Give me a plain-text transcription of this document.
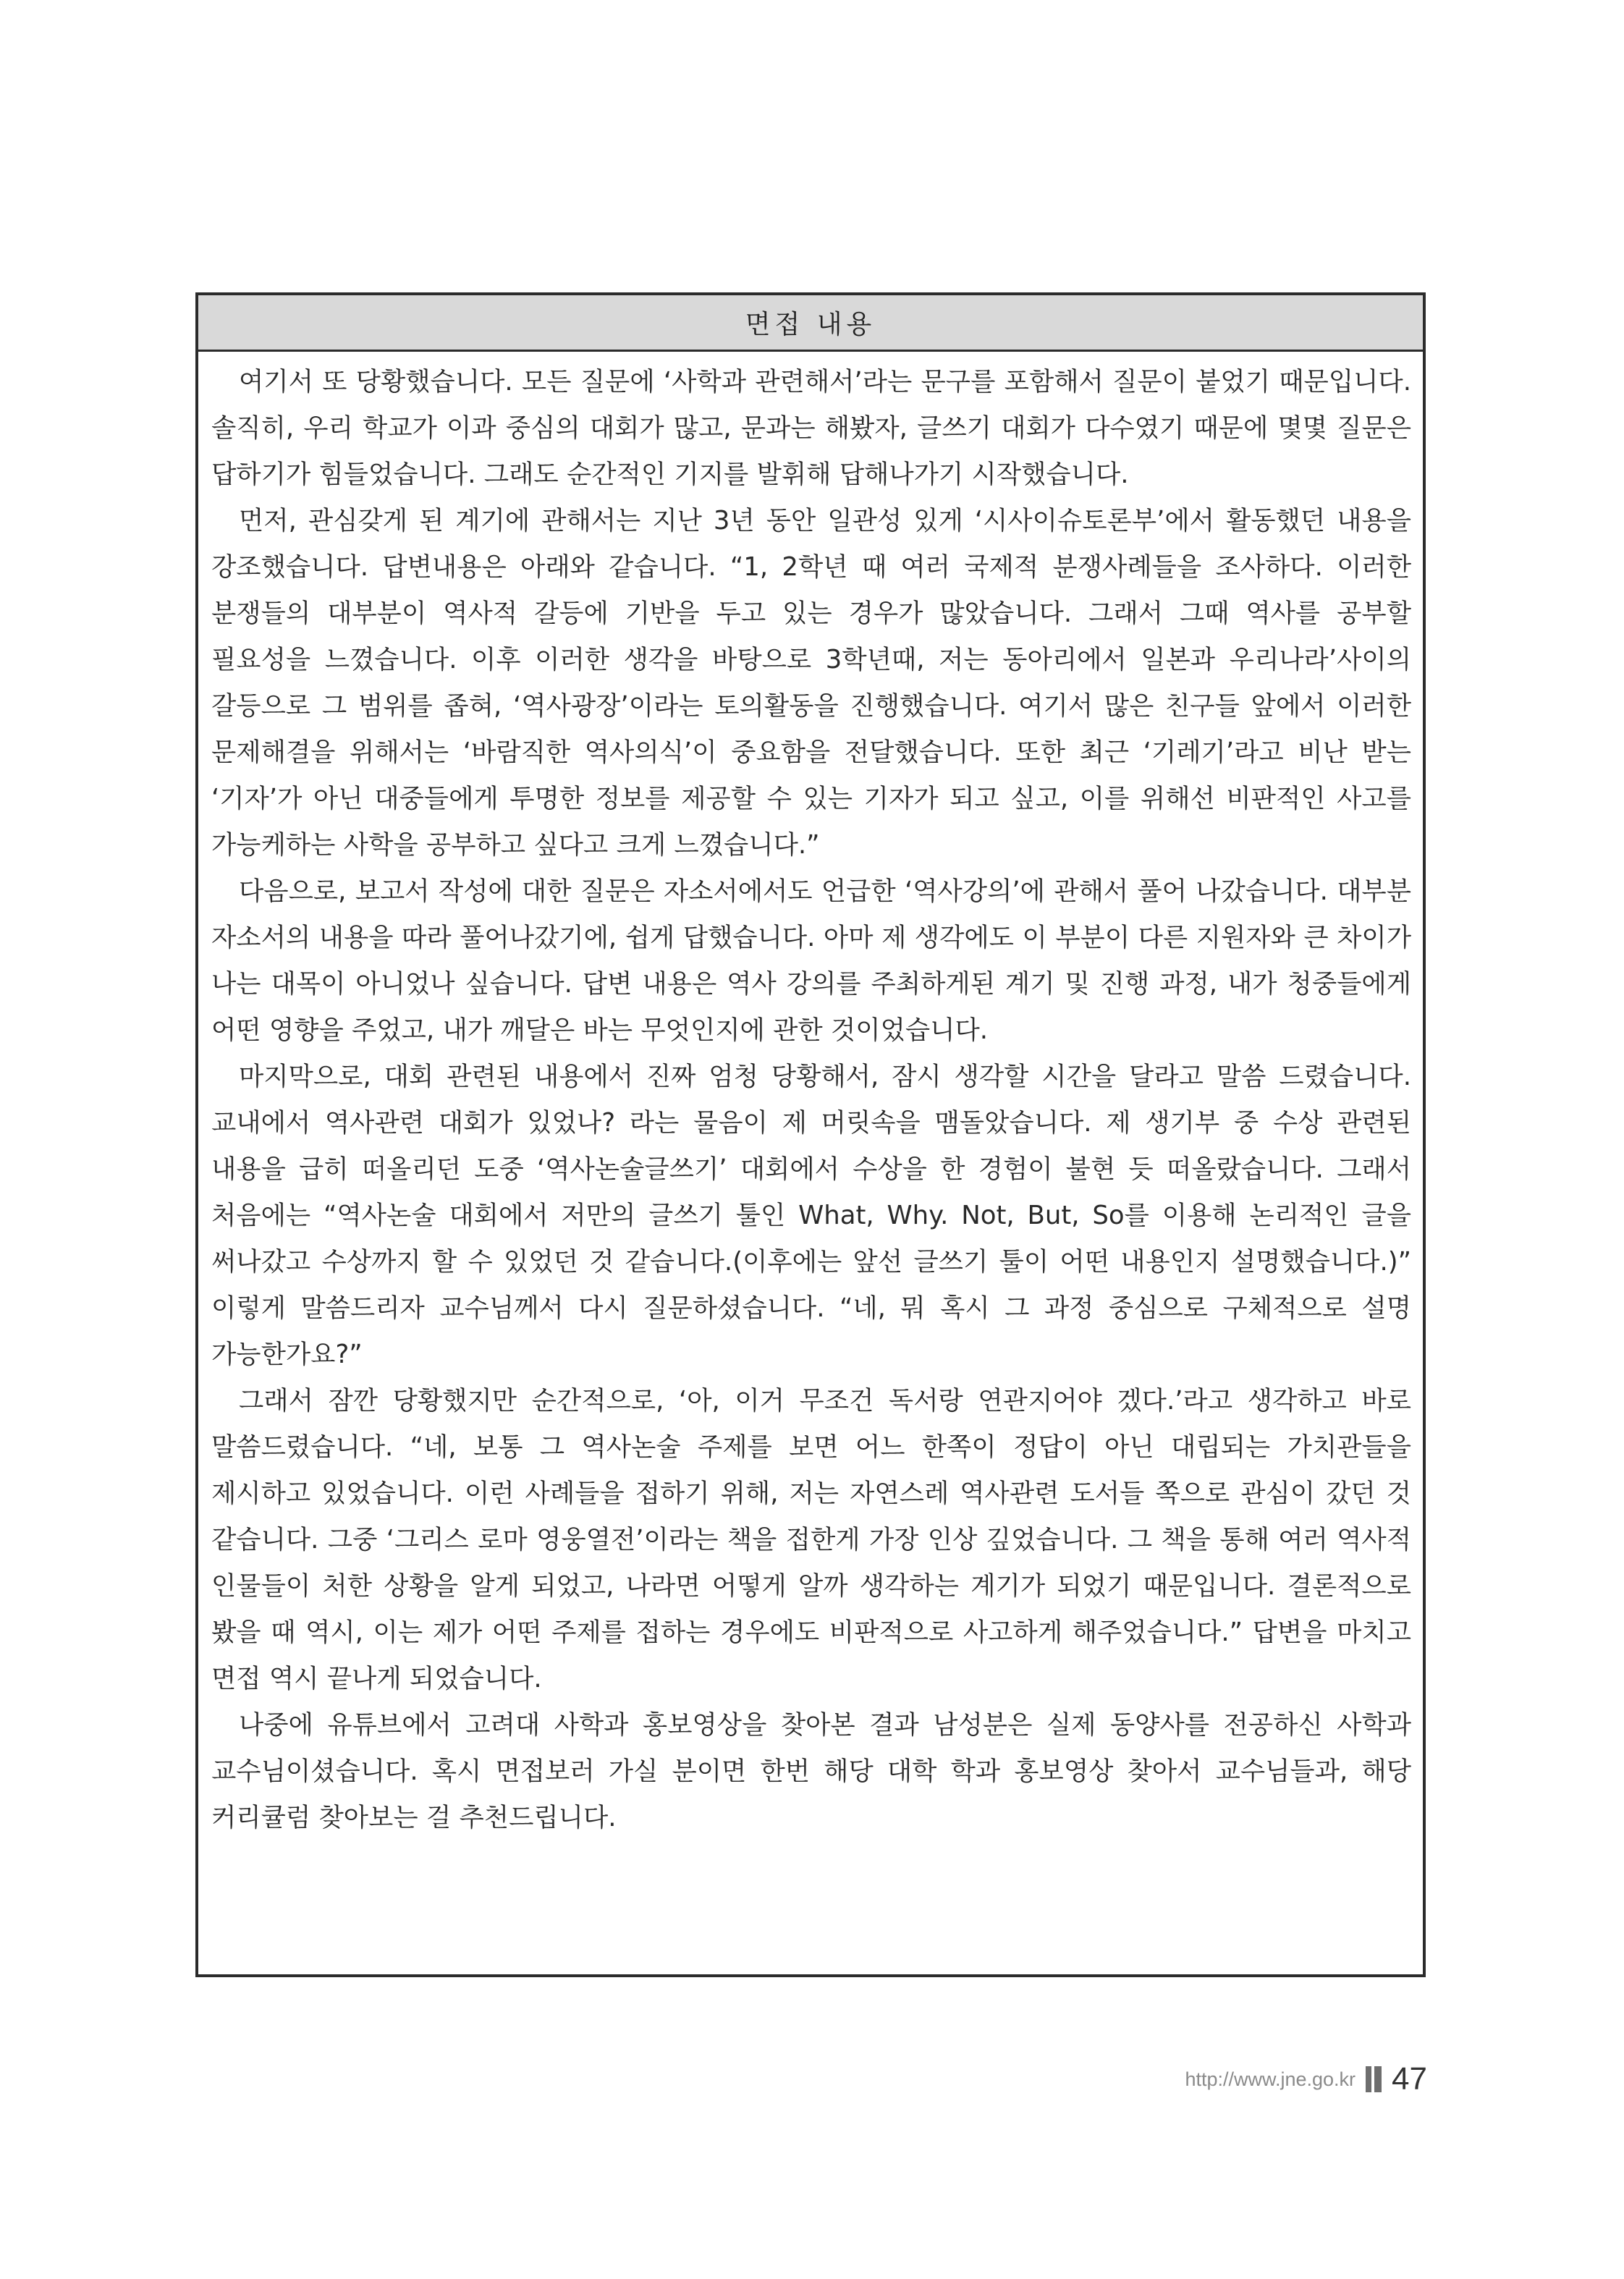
면접 내용

여기서 또 당황했습니다. 모든 질문에 ‘사학과 관련해서’라는 문구를 포함해서 질문이 붙었기 때문입니다. 솔직히, 우리 학교가 이과 중심의 대회가 많고, 문과는 해봤자, 글쓰기 대회가 다수였기 때문에 몇몇 질문은 답하기가 힘들었습니다. 그래도 순간적인 기지를 발휘해 답해나가기 시작했습니다.

먼저, 관심갖게 된 계기에 관해서는 지난 3년 동안 일관성 있게 ‘시사이슈토론부’에서 활동했던 내용을 강조했습니다. 답변내용은 아래와 같습니다. “1, 2학년 때 여러 국제적 분쟁사례들을 조사하다. 이러한 분쟁들의 대부분이 역사적 갈등에 기반을 두고 있는 경우가 많았습니다. 그래서 그때 역사를 공부할 필요성을 느꼈습니다. 이후 이러한 생각을 바탕으로 3학년때, 저는 동아리에서 일본과 우리나라’사이의 갈등으로 그 범위를 좁혀, ‘역사광장’이라는 토의활동을 진행했습니다. 여기서 많은 친구들 앞에서 이러한 문제해결을 위해서는 ‘바람직한 역사의식’이 중요함을 전달했습니다. 또한 최근 ‘기레기’라고 비난 받는 ‘기자’가 아닌 대중들에게 투명한 정보를 제공할 수 있는 기자가 되고 싶고, 이를 위해선 비판적인 사고를 가능케하는 사학을 공부하고 싶다고 크게 느꼈습니다.”

다음으로, 보고서 작성에 대한 질문은 자소서에서도 언급한 ‘역사강의’에 관해서 풀어 나갔습니다. 대부분 자소서의 내용을 따라 풀어나갔기에, 쉽게 답했습니다. 아마 제 생각에도 이 부분이 다른 지원자와 큰 차이가 나는 대목이 아니었나 싶습니다. 답변 내용은 역사 강의를 주최하게된 계기 및 진행 과정, 내가 청중들에게 어떤 영향을 주었고, 내가 깨달은 바는 무엇인지에 관한 것이었습니다.

마지막으로, 대회 관련된 내용에서 진짜 엄청 당황해서, 잠시 생각할 시간을 달라고 말씀 드렸습니다. 교내에서 역사관련 대회가 있었나? 라는 물음이 제 머릿속을 맴돌았습니다. 제 생기부 중 수상 관련된 내용을 급히 떠올리던 도중 ‘역사논술글쓰기’ 대회에서 수상을 한 경험이 불현 듯 떠올랐습니다. 그래서 처음에는 “역사논술 대회에서 저만의 글쓰기 툴인 What, Why. Not, But, So를 이용해 논리적인 글을 써나갔고 수상까지 할 수 있었던 것 같습니다.(이후에는 앞선 글쓰기 툴이 어떤 내용인지 설명했습니다.)” 이렇게 말씀드리자 교수님께서 다시 질문하셨습니다. “네, 뭐 혹시 그 과정 중심으로 구체적으로 설명 가능한가요?”

그래서 잠깐 당황했지만 순간적으로, ‘아, 이거 무조건 독서랑 연관지어야 겠다.’라고 생각하고 바로 말씀드렸습니다. “네, 보통 그 역사논술 주제를 보면 어느 한쪽이 정답이 아닌 대립되는 가치관들을 제시하고 있었습니다. 이런 사례들을 접하기 위해, 저는 자연스레 역사관련 도서들 쪽으로 관심이 갔던 것 같습니다. 그중 ‘그리스 로마 영웅열전’이라는 책을 접한게 가장 인상 깊었습니다. 그 책을 통해 여러 역사적 인물들이 처한 상황을 알게 되었고, 나라면 어떻게 알까 생각하는 계기가 되었기 때문입니다. 결론적으로 봤을 때 역시, 이는 제가 어떤 주제를 접하는 경우에도 비판적으로 사고하게 해주었습니다.” 답변을 마치고 면접 역시 끝나게 되었습니다.

나중에 유튜브에서 고려대 사학과 홍보영상을 찾아본 결과 남성분은 실제 동양사를 전공하신 사학과 교수님이셨습니다. 혹시 면접보러 가실 분이면 한번 해당 대학 학과 홍보영상 찾아서 교수님들과, 해당 커리큘럼 찾아보는 걸 추천드립니다.

http://www.jne.go.kr 47
